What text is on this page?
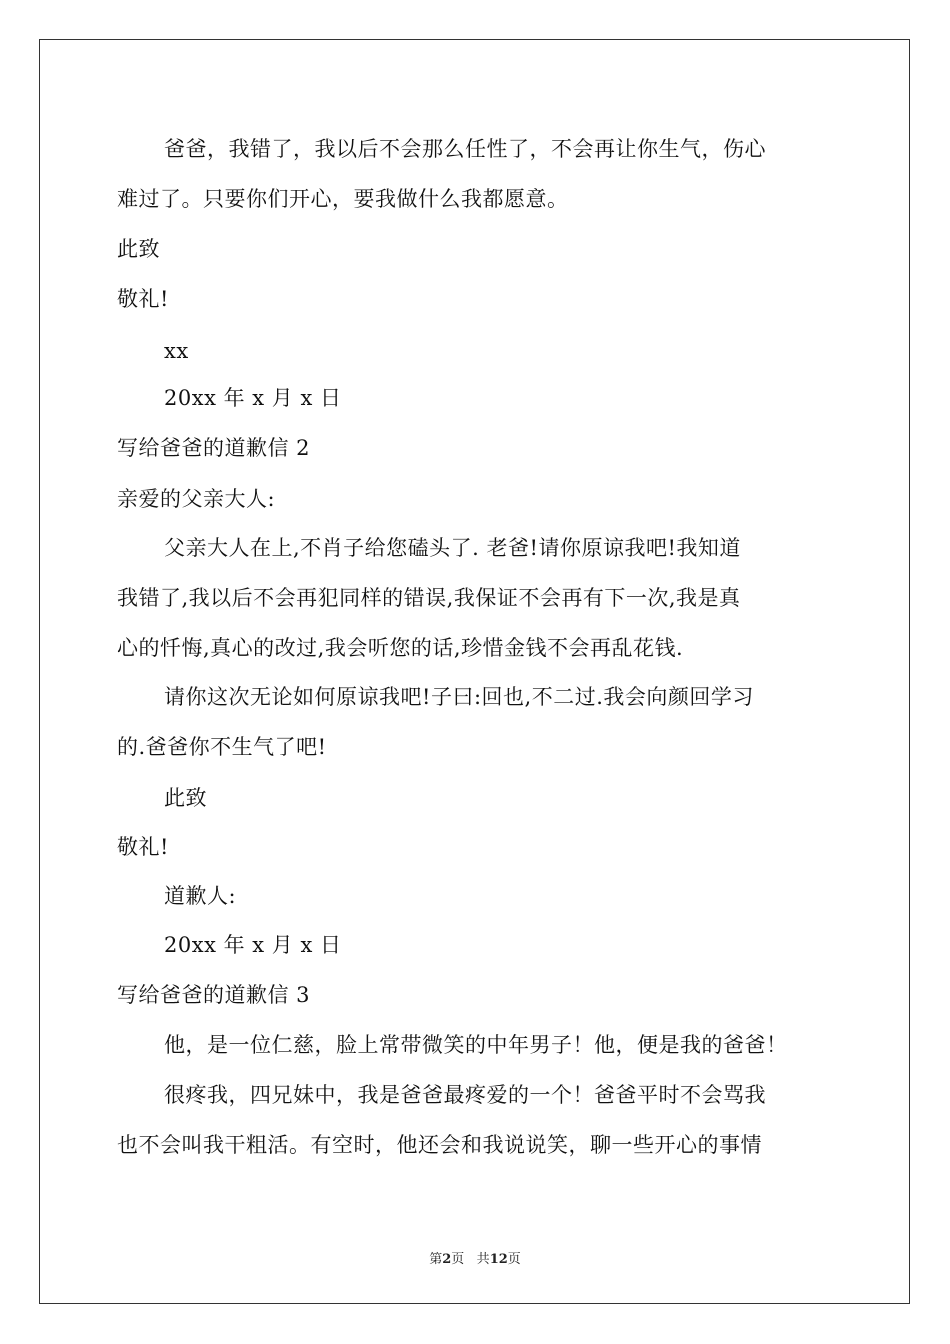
爸爸，我错了，我以后不会那么任性了，不会再让你生气，伤心
难过了。只要你们开心，要我做什么我都愿意。
此致
敬礼!
xx
20xx 年 x 月 x 日
写给爸爸的道歉信 2
亲爱的父亲大人:
父亲大人在上,不肖子给您磕头了. 老爸!请你原谅我吧!我知道
我错了,我以后不会再犯同样的错误,我保证不会再有下一次,我是真
心的忏悔,真心的改过,我会听您的话,珍惜金钱不会再乱花钱.
请你这次无论如何原谅我吧!子曰:回也,不二过.我会向颜回学习
的.爸爸你不生气了吧!
此致
敬礼!
道歉人:
20xx 年 x 月 x 日
写给爸爸的道歉信 3
他，是一位仁慈，脸上常带微笑的中年男子！他，便是我的爸爸！
很疼我，四兄妹中，我是爸爸最疼爱的一个！爸爸平时不会骂我
也不会叫我干粗活。有空时，他还会和我说说笑，聊一些开心的事情
第2页 共12页
